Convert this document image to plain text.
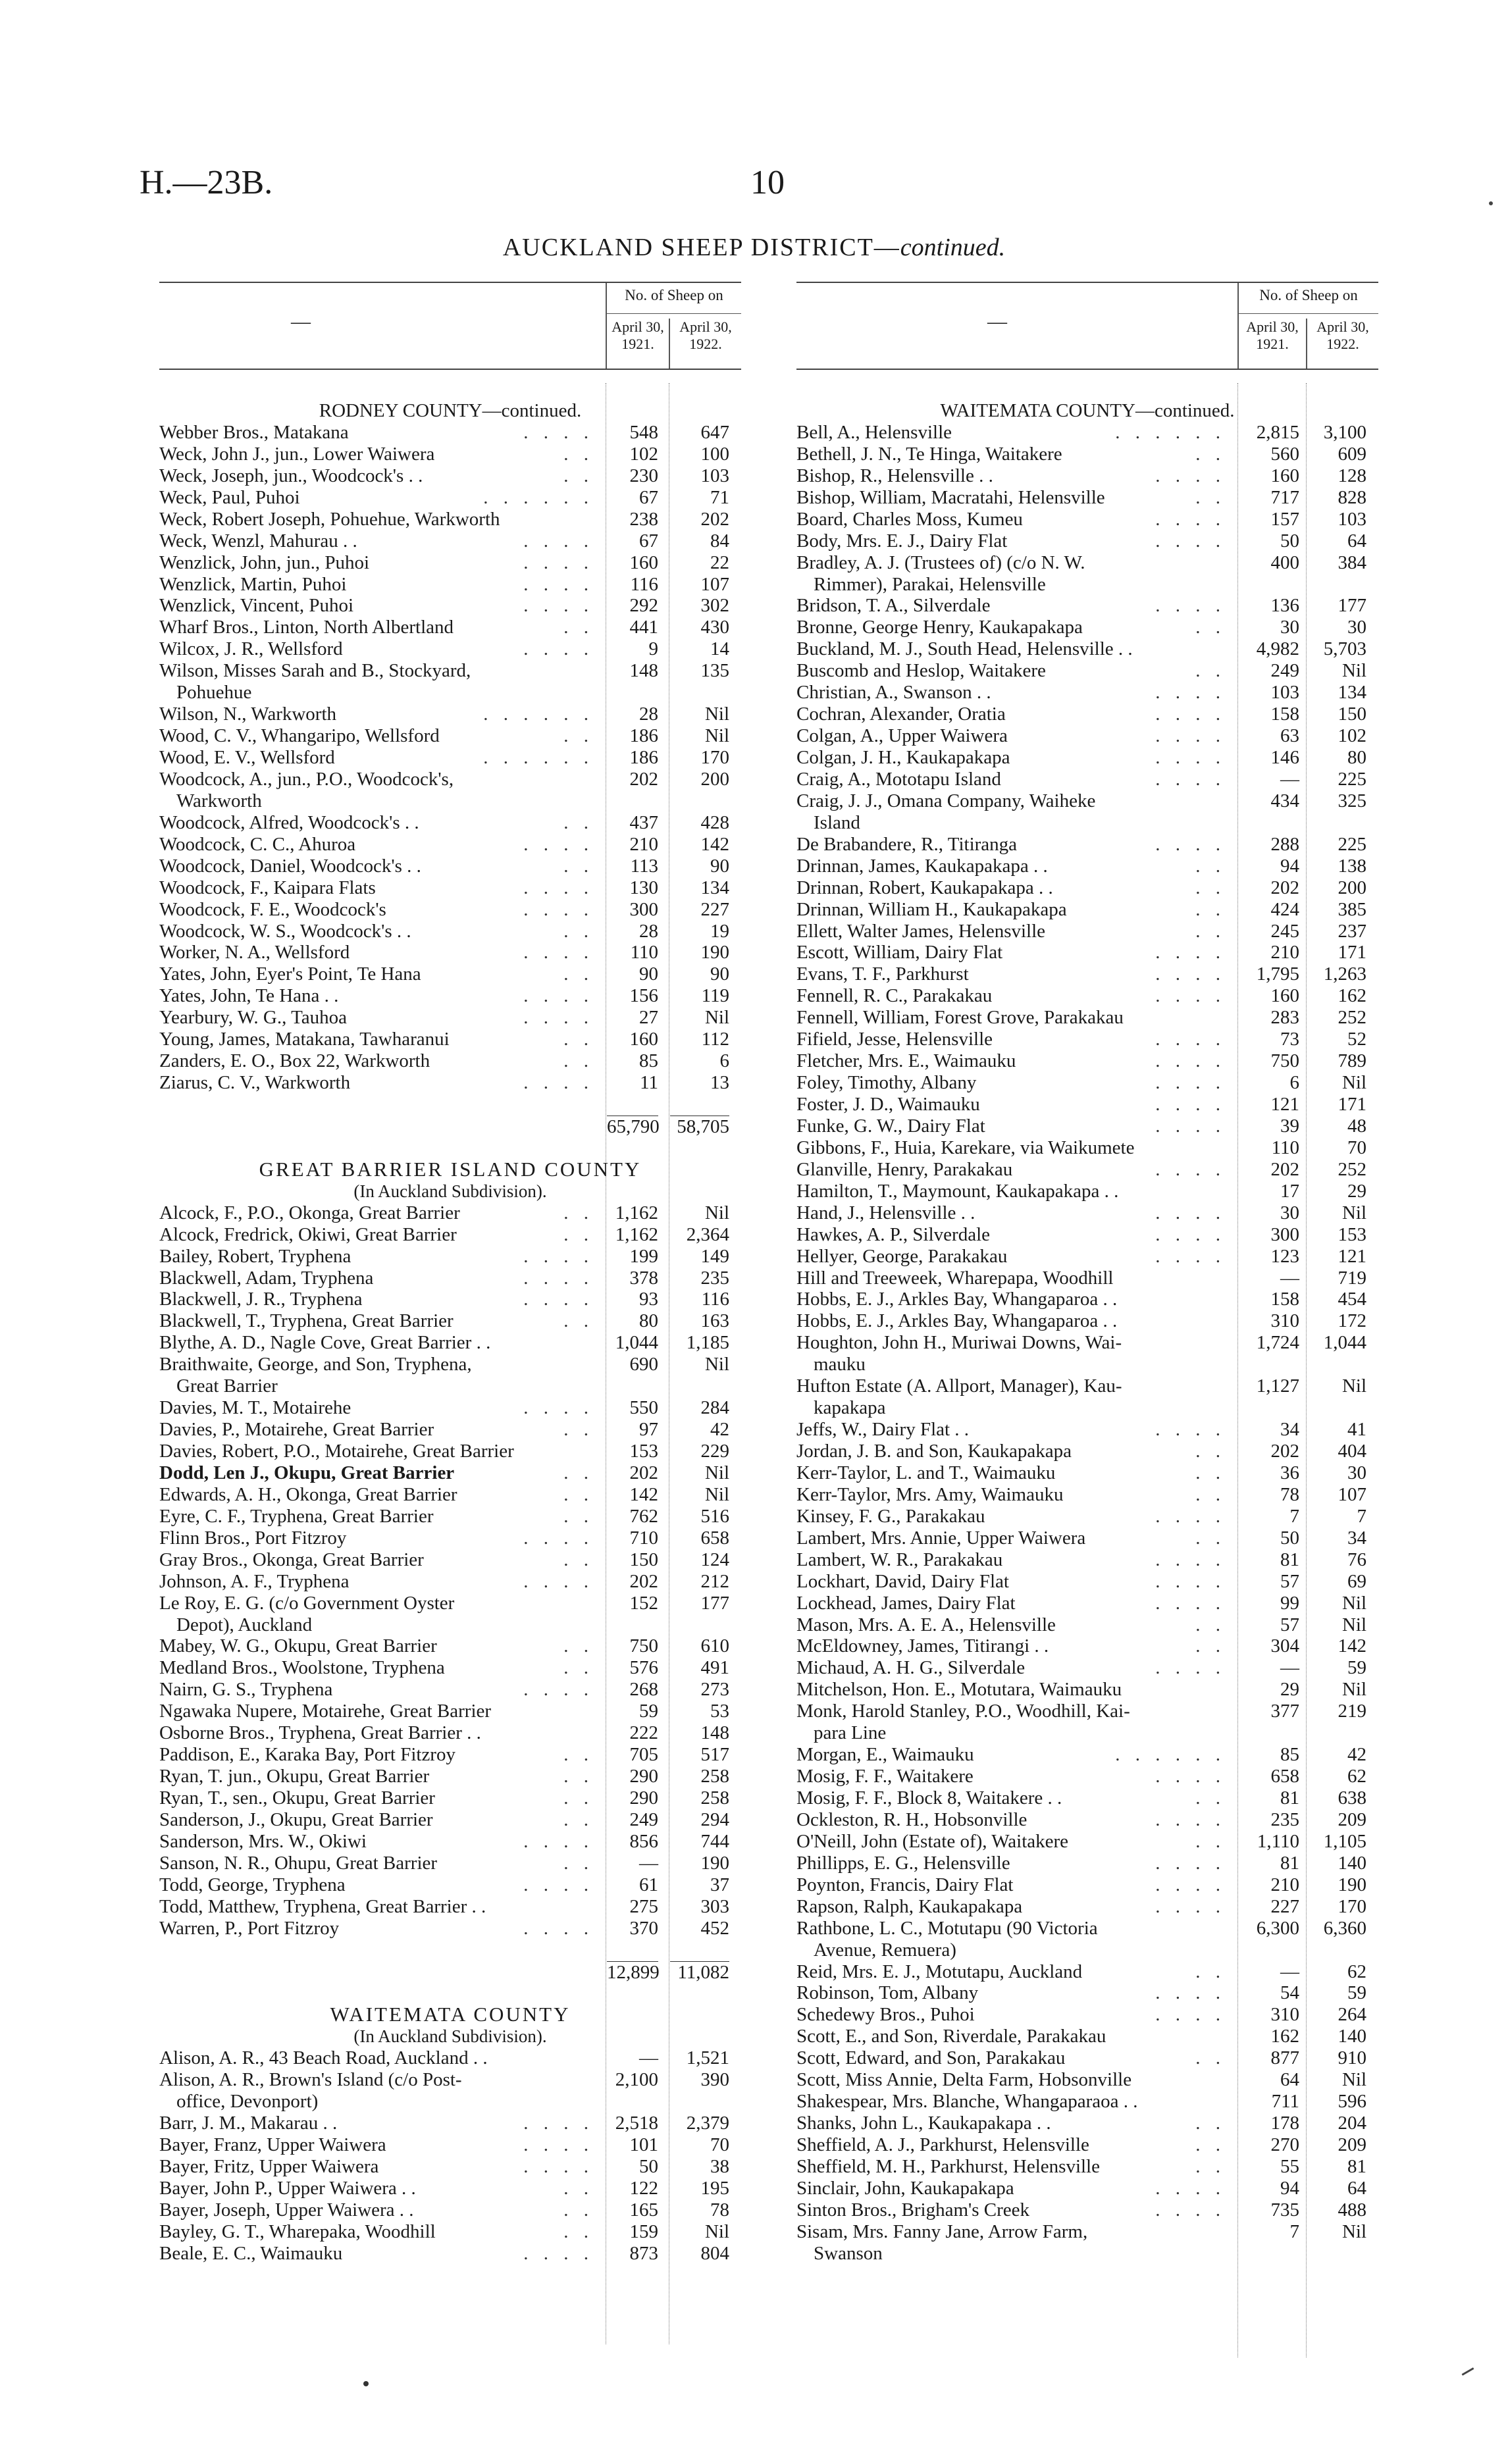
H.—23B.	10
AUCKLAND SHEEP DISTRICT—continued.
—
No. of Sheep on
April 30,
1921.
April 30,
1922.
RODNEY COUNTY—continued.
Webber Bros., Matakana	. . . .	548	647
Weck, John J., jun., Lower Waiwera	. .	102	100
Weck, Joseph, jun., Woodcock's . .	. .	230	103
Weck, Paul, Puhoi	. . . . . .	67	71
Weck, Robert Joseph, Pohuehue, Warkworth	238	202
Weck, Wenzl, Mahurau . .	. . . .	67	84
Wenzlick, John, jun., Puhoi	. . . .	160	22
Wenzlick, Martin, Puhoi	. . . .	116	107
Wenzlick, Vincent, Puhoi	. . . .	292	302
Wharf Bros., Linton, North Albertland	. .	441	430
Wilcox, J. R., Wellsford	. . . .	9	14
Wilson, Misses Sarah and B., Stockyard,	148	135
Pohuehue
Wilson, N., Warkworth	. . . . . .	28	Nil
Wood, C. V., Whangaripo, Wellsford	. .	186	Nil
Wood, E. V., Wellsford	. . . . . .	186	170
Woodcock, A., jun., P.O., Woodcock's,	202	200
Warkworth
Woodcock, Alfred, Woodcock's . .	. .	437	428
Woodcock, C. C., Ahuroa	. . . .	210	142
Woodcock, Daniel, Woodcock's . .	. .	113	90
Woodcock, F., Kaipara Flats	. . . .	130	134
Woodcock, F. E., Woodcock's	. . . .	300	227
Woodcock, W. S., Woodcock's . .	. .	28	19
Worker, N. A., Wellsford	. . . .	110	190
Yates, John, Eyer's Point, Te Hana	. .	90	90
Yates, John, Te Hana . .	. . . .	156	119
Yearbury, W. G., Tauhoa	. . . .	27	Nil
Young, James, Matakana, Tawharanui	. .	160	112
Zanders, E. O., Box 22, Warkworth	. .	85	6
Ziarus, C. V., Warkworth	. . . .	11	13
65,790 58,705
GREAT BARRIER ISLAND COUNTY
(In Auckland Subdivision).
Alcock, F., P.O., Okonga, Great Barrier	. .	1,162	Nil
Alcock, Fredrick, Okiwi, Great Barrier	. .	1,162	2,364
Bailey, Robert, Tryphena	. . . .	199	149
Blackwell, Adam, Tryphena	. . . .	378	235
Blackwell, J. R., Tryphena	. . . .	93	116
Blackwell, T., Tryphena, Great Barrier	. .	80	163
Blythe, A. D., Nagle Cove, Great Barrier . .	1,044	1,185
Braithwaite, George, and Son, Tryphena,	690	Nil
Great Barrier
Davies, M. T., Motairehe	. . . .	550	284
Davies, P., Motairehe, Great Barrier	. .	97	42
Davies, Robert, P.O., Motairehe, Great Barrier	153	229
Dodd, Len J., Okupu, Great Barrier	. .	202	Nil
Edwards, A. H., Okonga, Great Barrier	. .	142	Nil
Eyre, C. F., Tryphena, Great Barrier	. .	762	516
Flinn Bros., Port Fitzroy	. . . .	710	658
Gray Bros., Okonga, Great Barrier	. .	150	124
Johnson, A. F., Tryphena	. . . .	202	212
Le Roy, E. G. (c/o Government Oyster	152	177
Depot), Auckland
Mabey, W. G., Okupu, Great Barrier	. .	750	610
Medland Bros., Woolstone, Tryphena	. .	576	491
Nairn, G. S., Tryphena	. . . .	268	273
Ngawaka Nupere, Motairehe, Great Barrier	59	53
Osborne Bros., Tryphena, Great Barrier . .	222	148
Paddison, E., Karaka Bay, Port Fitzroy	. .	705	517
Ryan, T. jun., Okupu, Great Barrier	. .	290	258
Ryan, T., sen., Okupu, Great Barrier	. .	290	258
Sanderson, J., Okupu, Great Barrier	. .	249	294
Sanderson, Mrs. W., Okiwi	. . . .	856	744
Sanson, N. R., Ohupu, Great Barrier	. .	—	190
Todd, George, Tryphena	. . . .	61	37
Todd, Matthew, Tryphena, Great Barrier . .	275	303
Warren, P., Port Fitzroy	. . . .	370	452
12,899 11,082
WAITEMATA COUNTY
(In Auckland Subdivision).
Alison, A. R., 43 Beach Road, Auckland . .	—	1,521
Alison, A. R., Brown's Island (c/o Post-	2,100	390
office, Devonport)
Barr, J. M., Makarau . .	. . . .	2,518	2,379
Bayer, Franz, Upper Waiwera	. . . .	101	70
Bayer, Fritz, Upper Waiwera	. . . .	50	38
Bayer, John P., Upper Waiwera . .	. .	122	195
Bayer, Joseph, Upper Waiwera . .	. .	165	78
Bayley, G. T., Wharepaka, Woodhill	. .	159	Nil
Beale, E. C., Waimauku	. . . .	873	804
—
No. of Sheep on
April 30,
1921.
April 30,
1922.
WAITEMATA COUNTY—continued.
Bell, A., Helensville	. . . . . .	2,815	3,100
Bethell, J. N., Te Hinga, Waitakere	. .	560	609
Bishop, R., Helensville . .	. . . .	160	128
Bishop, William, Macratahi, Helensville	. .	717	828
Board, Charles Moss, Kumeu	. . . .	157	103
Body, Mrs. E. J., Dairy Flat	. . . .	50	64
Bradley, A. J. (Trustees of) (c/o N. W.	400	384
Rimmer), Parakai, Helensville
Bridson, T. A., Silverdale	. . . .	136	177
Bronne, George Henry, Kaukapakapa	. .	30	30
Buckland, M. J., South Head, Helensville . .	4,982	5,703
Buscomb and Heslop, Waitakere	. .	249	Nil
Christian, A., Swanson . .	. . . .	103	134
Cochran, Alexander, Oratia	. . . .	158	150
Colgan, A., Upper Waiwera	. . . .	63	102
Colgan, J. H., Kaukapakapa	. . . .	146	80
Craig, A., Mototapu Island	. . . .	—	225
Craig, J. J., Omana Company, Waiheke	434	325
Island
De Brabandere, R., Titiranga	. . . .	288	225
Drinnan, James, Kaukapakapa . .	. .	94	138
Drinnan, Robert, Kaukapakapa . .	. .	202	200
Drinnan, William H., Kaukapakapa	. .	424	385
Ellett, Walter James, Helensville	. .	245	237
Escott, William, Dairy Flat	. . . .	210	171
Evans, T. F., Parkhurst	. . . .	1,795	1,263
Fennell, R. C., Parakakau	. . . .	160	162
Fennell, William, Forest Grove, Parakakau	283	252
Fifield, Jesse, Helensville	. . . .	73	52
Fletcher, Mrs. E., Waimauku	. . . .	750	789
Foley, Timothy, Albany	. . . .	6	Nil
Foster, J. D., Waimauku	. . . .	121	171
Funke, G. W., Dairy Flat	. . . .	39	48
Gibbons, F., Huia, Karekare, via Waikumete	110	70
Glanville, Henry, Parakakau	. . . .	202	252
Hamilton, T., Maymount, Kaukapakapa . .	17	29
Hand, J., Helensville . .	. . . .	30	Nil
Hawkes, A. P., Silverdale	. . . .	300	153
Hellyer, George, Parakakau	. . . .	123	121
Hill and Treeweek, Wharepapa, Woodhill	—	719
Hobbs, E. J., Arkles Bay, Whangaparoa . .	158	454
Hobbs, E. J., Arkles Bay, Whangaparoa . .	310	172
Houghton, John H., Muriwai Downs, Wai-	1,724	1,044
mauku
Hufton Estate (A. Allport, Manager), Kau-	1,127	Nil
kapakapa
Jeffs, W., Dairy Flat . .	. . . .	34	41
Jordan, J. B. and Son, Kaukapakapa	. .	202	404
Kerr-Taylor, L. and T., Waimauku	. .	36	30
Kerr-Taylor, Mrs. Amy, Waimauku	. .	78	107
Kinsey, F. G., Parakakau	. . . .	7	7
Lambert, Mrs. Annie, Upper Waiwera	. .	50	34
Lambert, W. R., Parakakau	. . . .	81	76
Lockhart, David, Dairy Flat	. . . .	57	69
Lockhead, James, Dairy Flat	. . . .	99	Nil
Mason, Mrs. A. E. A., Helensville	. .	57	Nil
McEldowney, James, Titirangi . .	. .	304	142
Michaud, A. H. G., Silverdale	. . . .	—	59
Mitchelson, Hon. E., Motutara, Waimauku	29	Nil
Monk, Harold Stanley, P.O., Woodhill, Kai-	377	219
para Line
Morgan, E., Waimauku	. . . . . .	85	42
Mosig, F. F., Waitakere	. . . .	658	62
Mosig, F. F., Block 8, Waitakere . .	. .	81	638
Ockleston, R. H., Hobsonville	. . . .	235	209
O'Neill, John (Estate of), Waitakere	. .	1,110	1,105
Phillipps, E. G., Helensville	. . . .	81	140
Poynton, Francis, Dairy Flat	. . . .	210	190
Rapson, Ralph, Kaukapakapa	. . . .	227	170
Rathbone, L. C., Motutapu (90 Victoria	6,300	6,360
Avenue, Remuera)
Reid, Mrs. E. J., Motutapu, Auckland	. .	—	62
Robinson, Tom, Albany	. . . .	54	59
Schedewy Bros., Puhoi	. . . .	310	264
Scott, E., and Son, Riverdale, Parakakau	162	140
Scott, Edward, and Son, Parakakau	. .	877	910
Scott, Miss Annie, Delta Farm, Hobsonville	64	Nil
Shakespear, Mrs. Blanche, Whangaparaoa . .	711	596
Shanks, John L., Kaukapakapa . .	. .	178	204
Sheffield, A. J., Parkhurst, Helensville	. .	270	209
Sheffield, M. H., Parkhurst, Helensville	. .	55	81
Sinclair, John, Kaukapakapa	. . . .	94	64
Sinton Bros., Brigham's Creek	. . . .	735	488
Sisam, Mrs. Fanny Jane, Arrow Farm,	7	Nil
Swanson
